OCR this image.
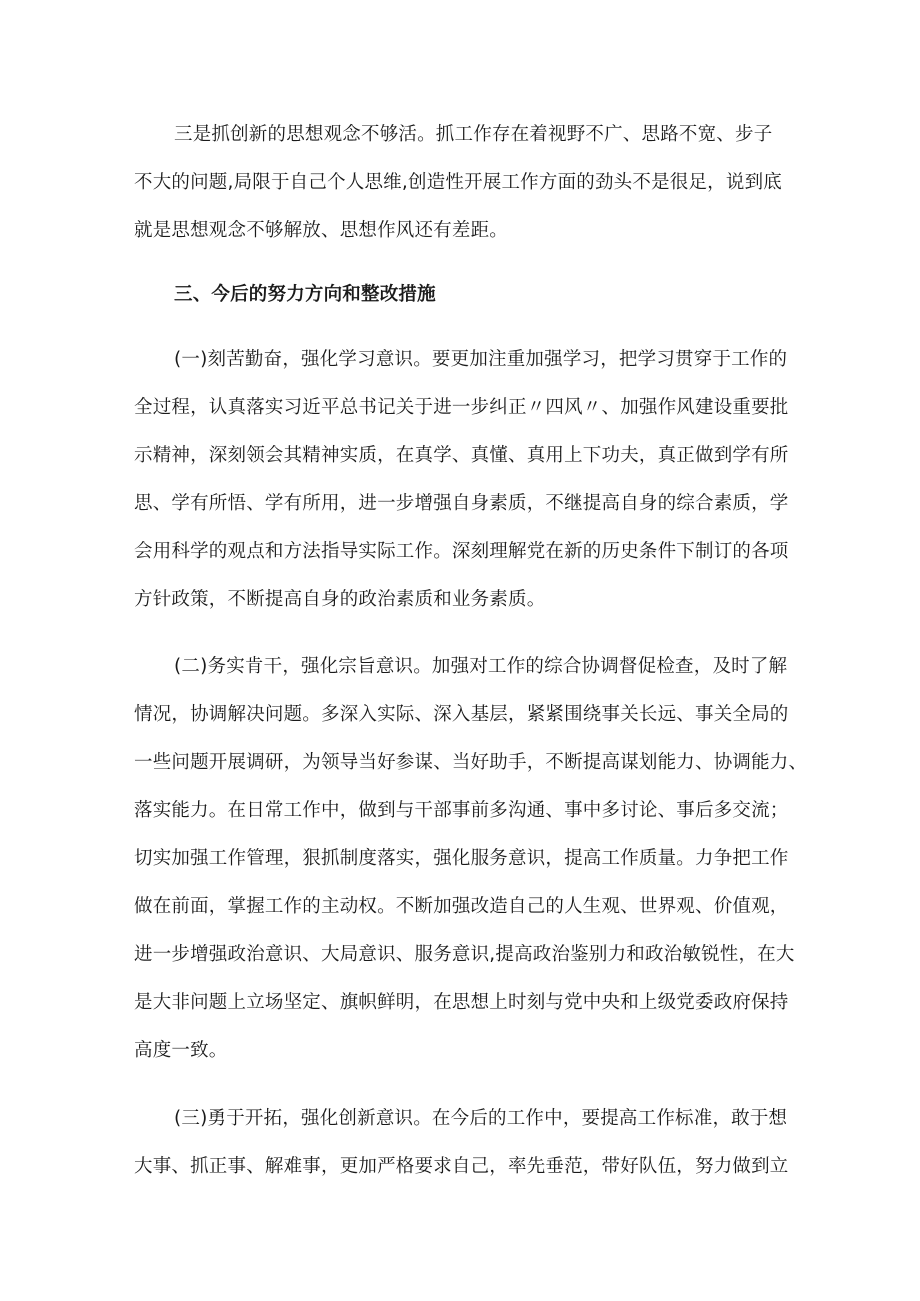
三是抓创新的思想观念不够活。抓工作存在着视野不广、思路不宽、步子

不大的问题,局限于自己个人思维,创造性开展工作方面的劲头不是很足，说到底

就是思想观念不够解放、思想作风还有差距。

三、今后的努力方向和整改措施

(一)刻苦勤奋，强化学习意识。要更加注重加强学习，把学习贯穿于工作的

全过程，认真落实习近平总书记关于进一步纠正〃四风〃、加强作风建设重要批

示精神，深刻领会其精神实质，在真学、真懂、真用上下功夫，真正做到学有所

思、学有所悟、学有所用，进一步增强自身素质，不继提高自身的综合素质，学

会用科学的观点和方法指导实际工作。深刻理解党在新的历史条件下制订的各项

方针政策，不断提高自身的政治素质和业务素质。

(二)务实肯干，强化宗旨意识。加强对工作的综合协调督促检查，及时了解

情况，协调解决问题。多深入实际、深入基层，紧紧围绕事关长远、事关全局的

一些问题开展调研，为领导当好参谋、当好助手，不断提高谋划能力、协调能力、

落实能力。在日常工作中，做到与干部事前多沟通、事中多讨论、事后多交流；

切实加强工作管理，狠抓制度落实，强化服务意识，提高工作质量。力争把工作

做在前面，掌握工作的主动权。不断加强改造自己的人生观、世界观、价值观，

进一步增强政治意识、大局意识、服务意识,提高政治鉴别力和政治敏锐性，在大

是大非问题上立场坚定、旗帜鲜明，在思想上时刻与党中央和上级党委政府保持

高度一致。

(三)勇于开拓，强化创新意识。在今后的工作中，要提高工作标准，敢于想

大事、抓正事、解难事，更加严格要求自己，率先垂范，带好队伍，努力做到立
